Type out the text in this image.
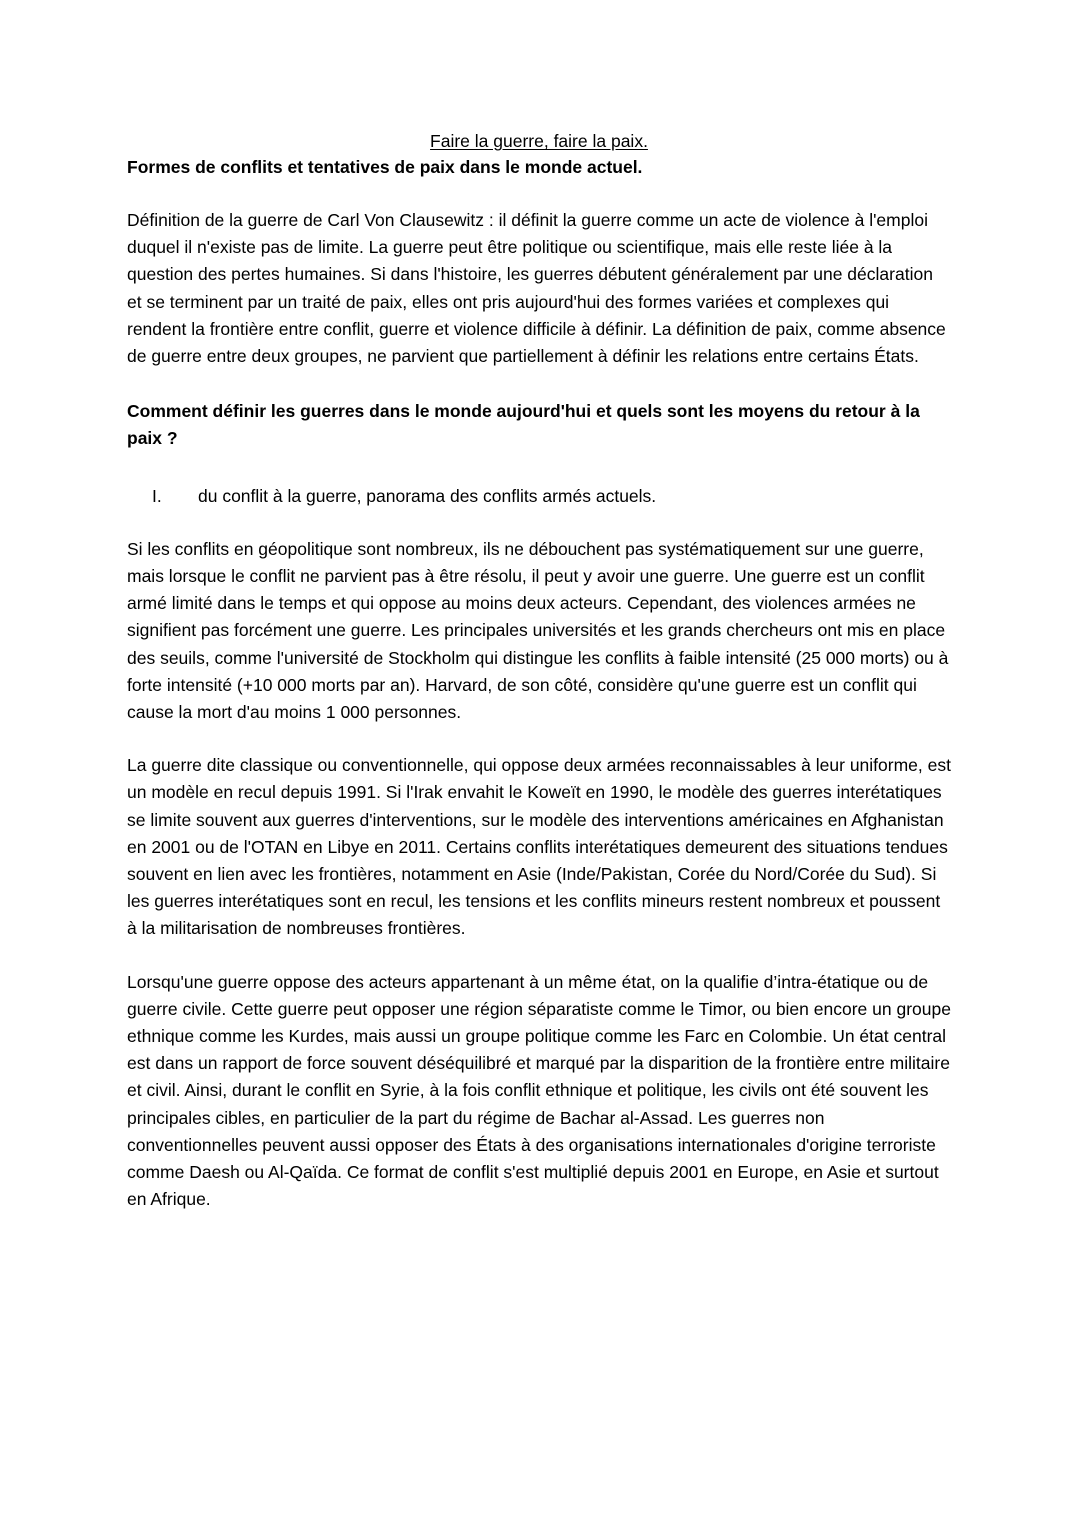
Faire la guerre, faire la paix.
Formes de conflits et tentatives de paix dans le monde actuel.

Définition de la guerre de Carl Von Clausewitz : il définit la guerre comme un acte de violence à l'emploi duquel il n'existe pas de limite. La guerre peut être politique ou scientifique, mais elle reste liée à la question des pertes humaines. Si dans l'histoire, les guerres débutent généralement par une déclaration et se terminent par un traité de paix, elles ont pris aujourd'hui des formes variées et complexes qui rendent la frontière entre conflit, guerre et violence difficile à définir. La définition de paix, comme absence de guerre entre deux groupes, ne parvient que partiellement à définir les relations entre certains États.

Comment définir les guerres dans le monde aujourd'hui et quels sont les moyens du retour à la paix ?

I.	du conflit à la guerre, panorama des conflits armés actuels.

Si les conflits en géopolitique sont nombreux, ils ne débouchent pas systématiquement sur une guerre, mais lorsque le conflit ne parvient pas à être résolu, il peut y avoir une guerre. Une guerre est un conflit armé limité dans le temps et qui oppose au moins deux acteurs. Cependant, des violences armées ne signifient pas forcément une guerre. Les principales universités et les grands chercheurs ont mis en place des seuils, comme l'université de Stockholm qui distingue les conflits à faible intensité (25 000 morts) ou à forte intensité (+10 000 morts par an). Harvard, de son côté, considère qu'une guerre est un conflit qui cause la mort d'au moins 1 000 personnes.

La guerre dite classique ou conventionnelle, qui oppose deux armées reconnaissables à leur uniforme, est un modèle en recul depuis 1991. Si l'Irak envahit le Koweït en 1990, le modèle des guerres interétatiques se limite souvent aux guerres d'interventions, sur le modèle des interventions américaines en Afghanistan en 2001 ou de l'OTAN en Libye en 2011. Certains conflits interétatiques demeurent des situations tendues souvent en lien avec les frontières, notamment en Asie (Inde/Pakistan, Corée du Nord/Corée du Sud). Si les guerres interétatiques sont en recul, les tensions et les conflits mineurs restent nombreux et poussent à la militarisation de nombreuses frontières.

Lorsqu'une guerre oppose des acteurs appartenant à un même état, on la qualifie d’intra-étatique ou de guerre civile. Cette guerre peut opposer une région séparatiste comme le Timor, ou bien encore un groupe ethnique comme les Kurdes, mais aussi un groupe politique comme les Farc en Colombie. Un état central est dans un rapport de force souvent déséquilibré et marqué par la disparition de la frontière entre militaire et civil. Ainsi, durant le conflit en Syrie, à la fois conflit ethnique et politique, les civils ont été souvent les principales cibles, en particulier de la part du régime de Bachar al-Assad. Les guerres non conventionnelles peuvent aussi opposer des États à des organisations internationales d'origine terroriste comme Daesh ou Al-Qaïda. Ce format de conflit s'est multiplié depuis 2001 en Europe, en Asie et surtout en Afrique.
